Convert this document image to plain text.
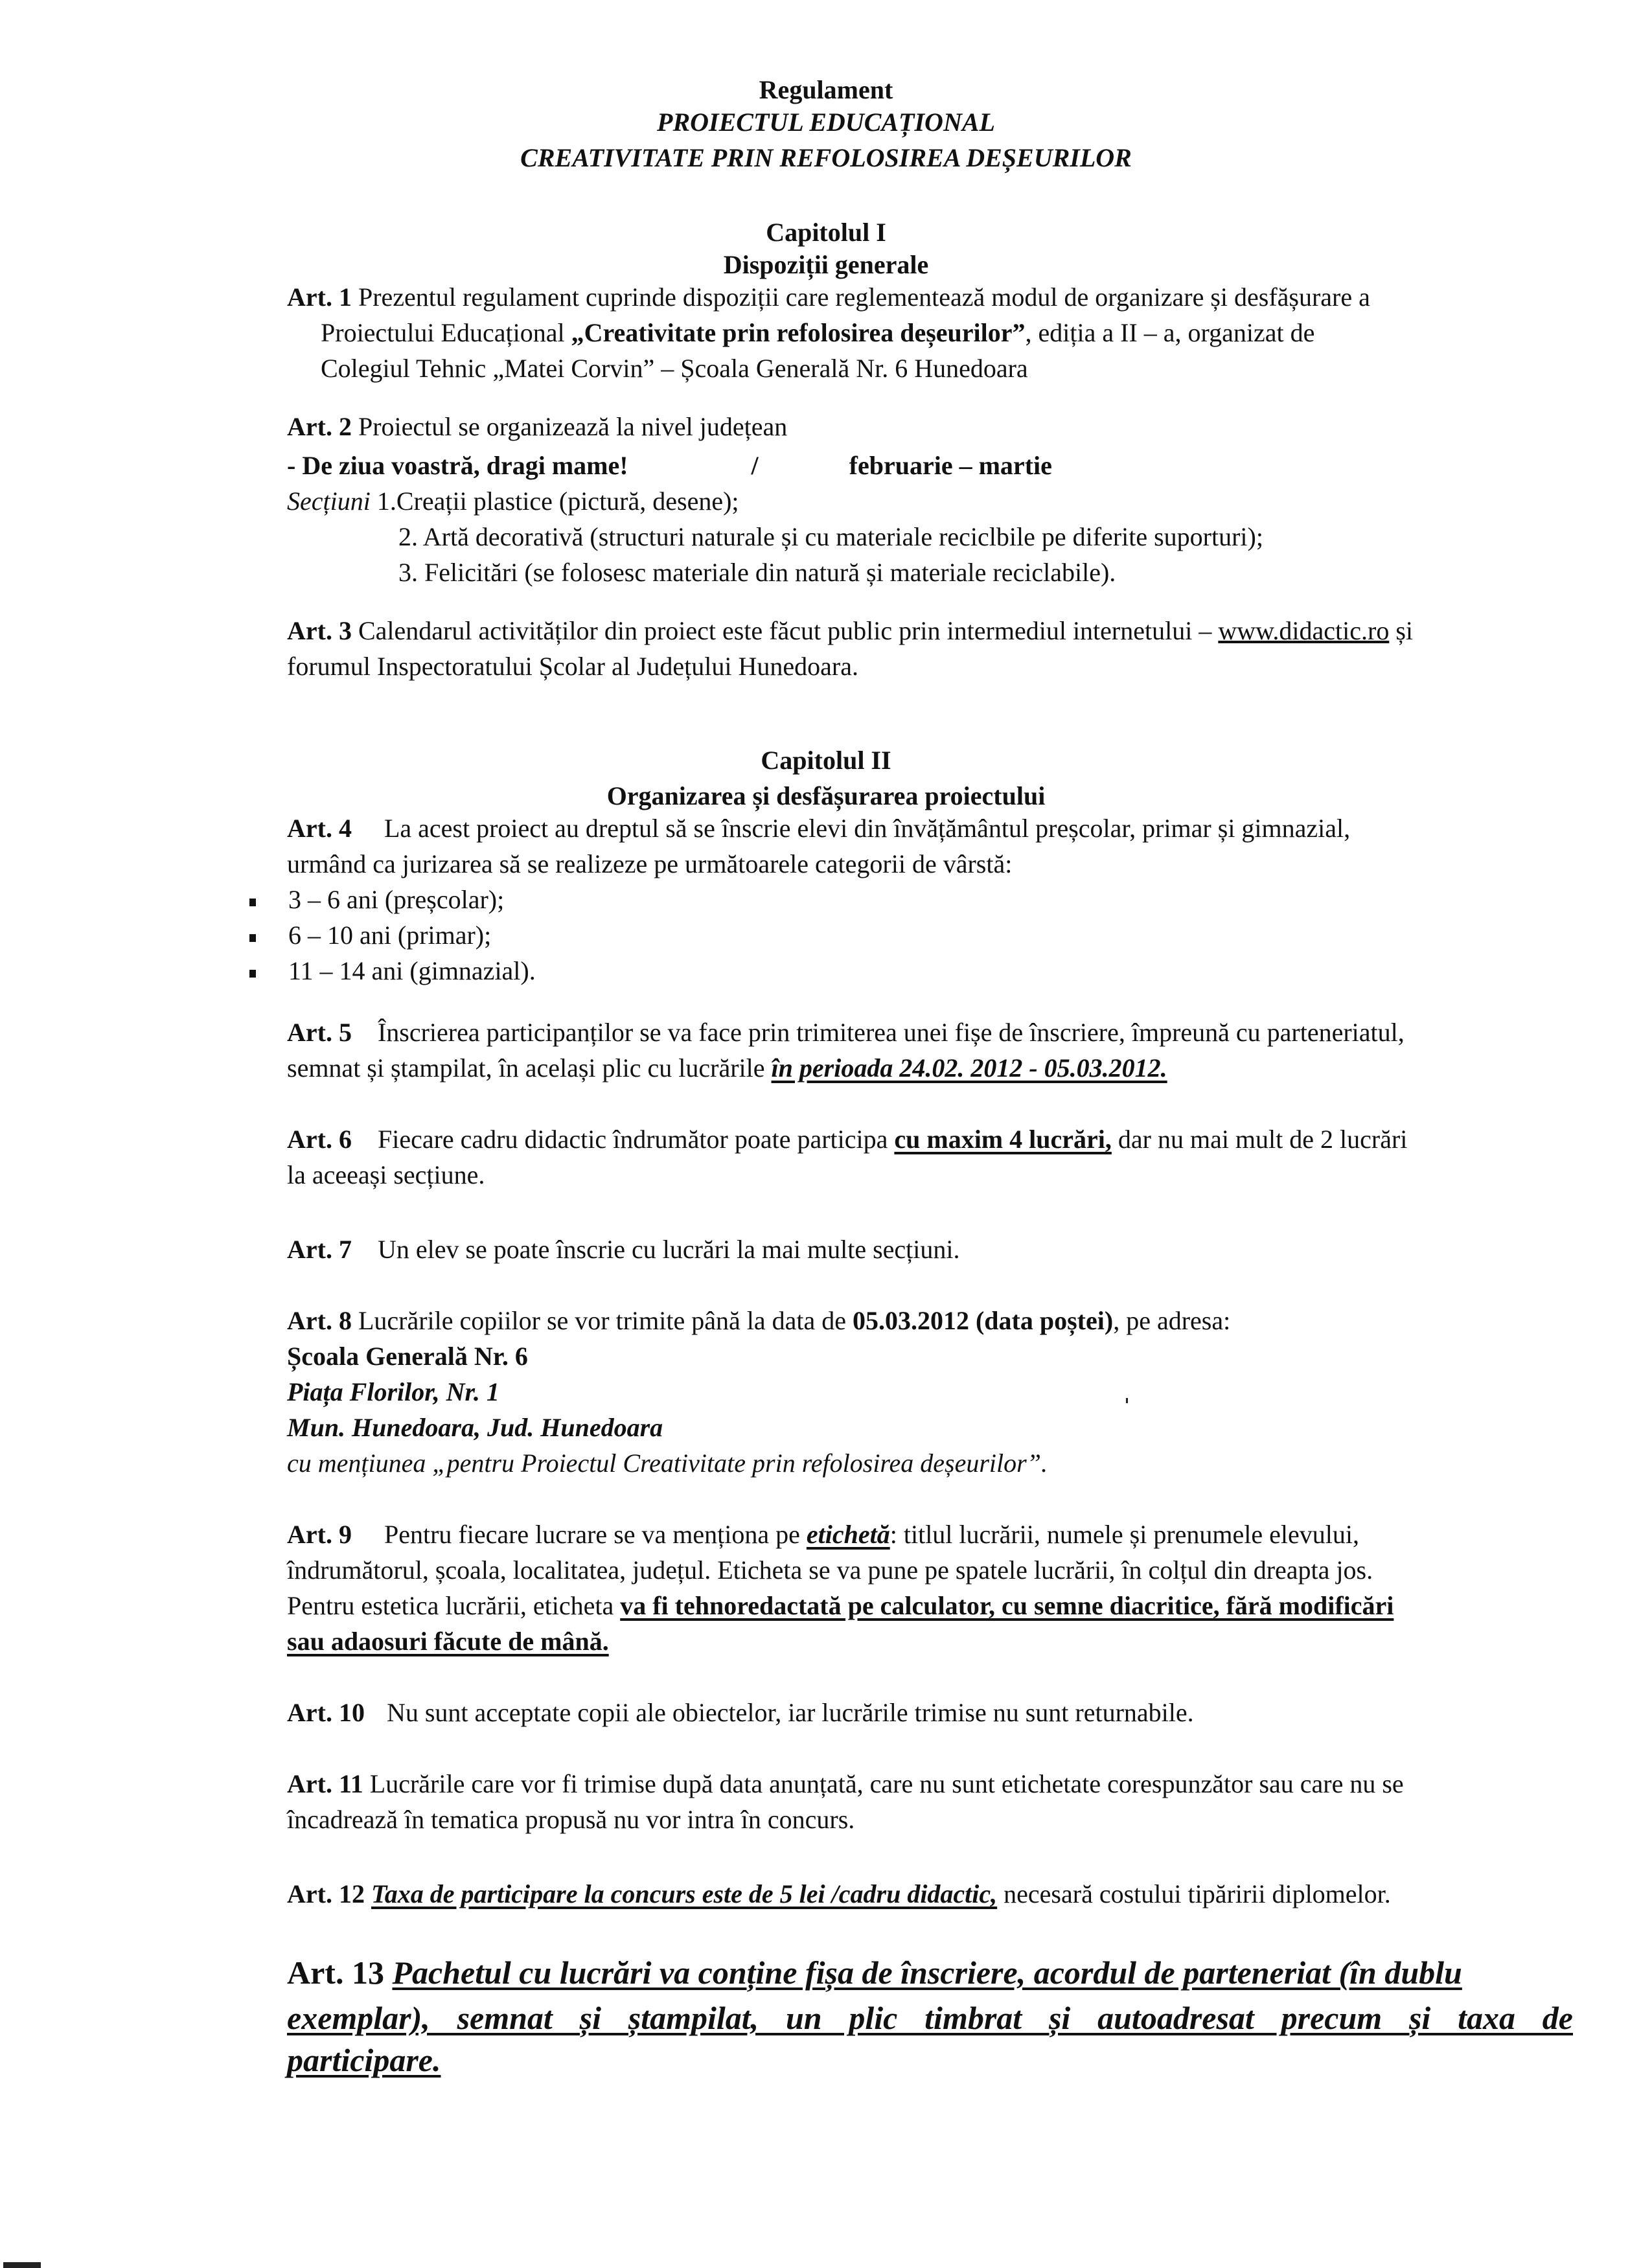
Regulament
PROIECTUL EDUCAȚIONAL
CREATIVITATE PRIN REFOLOSIREA DEȘEURILOR
Capitolul I
Dispoziții generale
Art. 1 Prezentul regulament cuprinde dispoziții care reglementează modul de organizare și desfășurare a
Proiectului Educațional „Creativitate prin refolosirea deșeurilor”, ediția a II – a, organizat de
Colegiul Tehnic „Matei Corvin” – Școala Generală Nr. 6 Hunedoara
Art. 2 Proiectul se organizează la nivel județean
- De ziua voastră, dragi mame!	/	februarie – martie
Secțiuni 1.Creații plastice (pictură, desene);
2. Artă decorativă (structuri naturale și cu materiale reciclbile pe diferite suporturi);
3. Felicitări (se folosesc materiale din natură și materiale reciclabile).
Art. 3 Calendarul activităților din proiect este făcut public prin intermediul internetului – www.didactic.ro și
forumul Inspectoratului Școlar al Județului Hunedoara.
Capitolul II
Organizarea și desfășurarea proiectului
Art. 4 La acest proiect au dreptul să se înscrie elevi din învățământul preșcolar, primar și gimnazial,
urmând ca jurizarea să se realizeze pe următoarele categorii de vârstă:
3 – 6 ani (preșcolar);
6 – 10 ani (primar);
11 – 14 ani (gimnazial).
Art. 5 Înscrierea participanților se va face prin trimiterea unei fișe de înscriere, împreună cu parteneriatul,
semnat și ștampilat, în același plic cu lucrările în perioada 24.02. 2012 - 05.03.2012.
Art. 6 Fiecare cadru didactic îndrumător poate participa cu maxim 4 lucrări, dar nu mai mult de 2 lucrări
la aceeași secțiune.
Art. 7 Un elev se poate înscrie cu lucrări la mai multe secțiuni.
Art. 8 Lucrările copiilor se vor trimite până la data de 05.03.2012 (data poștei), pe adresa:
Școala Generală Nr. 6
Piața Florilor, Nr. 1
Mun. Hunedoara, Jud. Hunedoara
cu mențiunea „pentru Proiectul Creativitate prin refolosirea deșeurilor”.
Art. 9 Pentru fiecare lucrare se va menționa pe etichetă: titlul lucrării, numele și prenumele elevului,
îndrumătorul, școala, localitatea, județul. Eticheta se va pune pe spatele lucrării, în colțul din dreapta jos.
Pentru estetica lucrării, eticheta va fi tehnoredactată pe calculator, cu semne diacritice, fără modificări
sau adaosuri făcute de mână.
Art. 10 Nu sunt acceptate copii ale obiectelor, iar lucrările trimise nu sunt returnabile.
Art. 11 Lucrările care vor fi trimise după data anunțată, care nu sunt etichetate corespunzător sau care nu se
încadrează în tematica propusă nu vor intra în concurs.
Art. 12 Taxa de participare la concurs este de 5 lei /cadru didactic, necesară costului tipăririi diplomelor.
Art. 13 Pachetul cu lucrări va conține fișa de înscriere, acordul de parteneriat (în dublu
exemplar), semnat și ștampilat, un plic timbrat și autoadresat precum și taxa de
participare.
